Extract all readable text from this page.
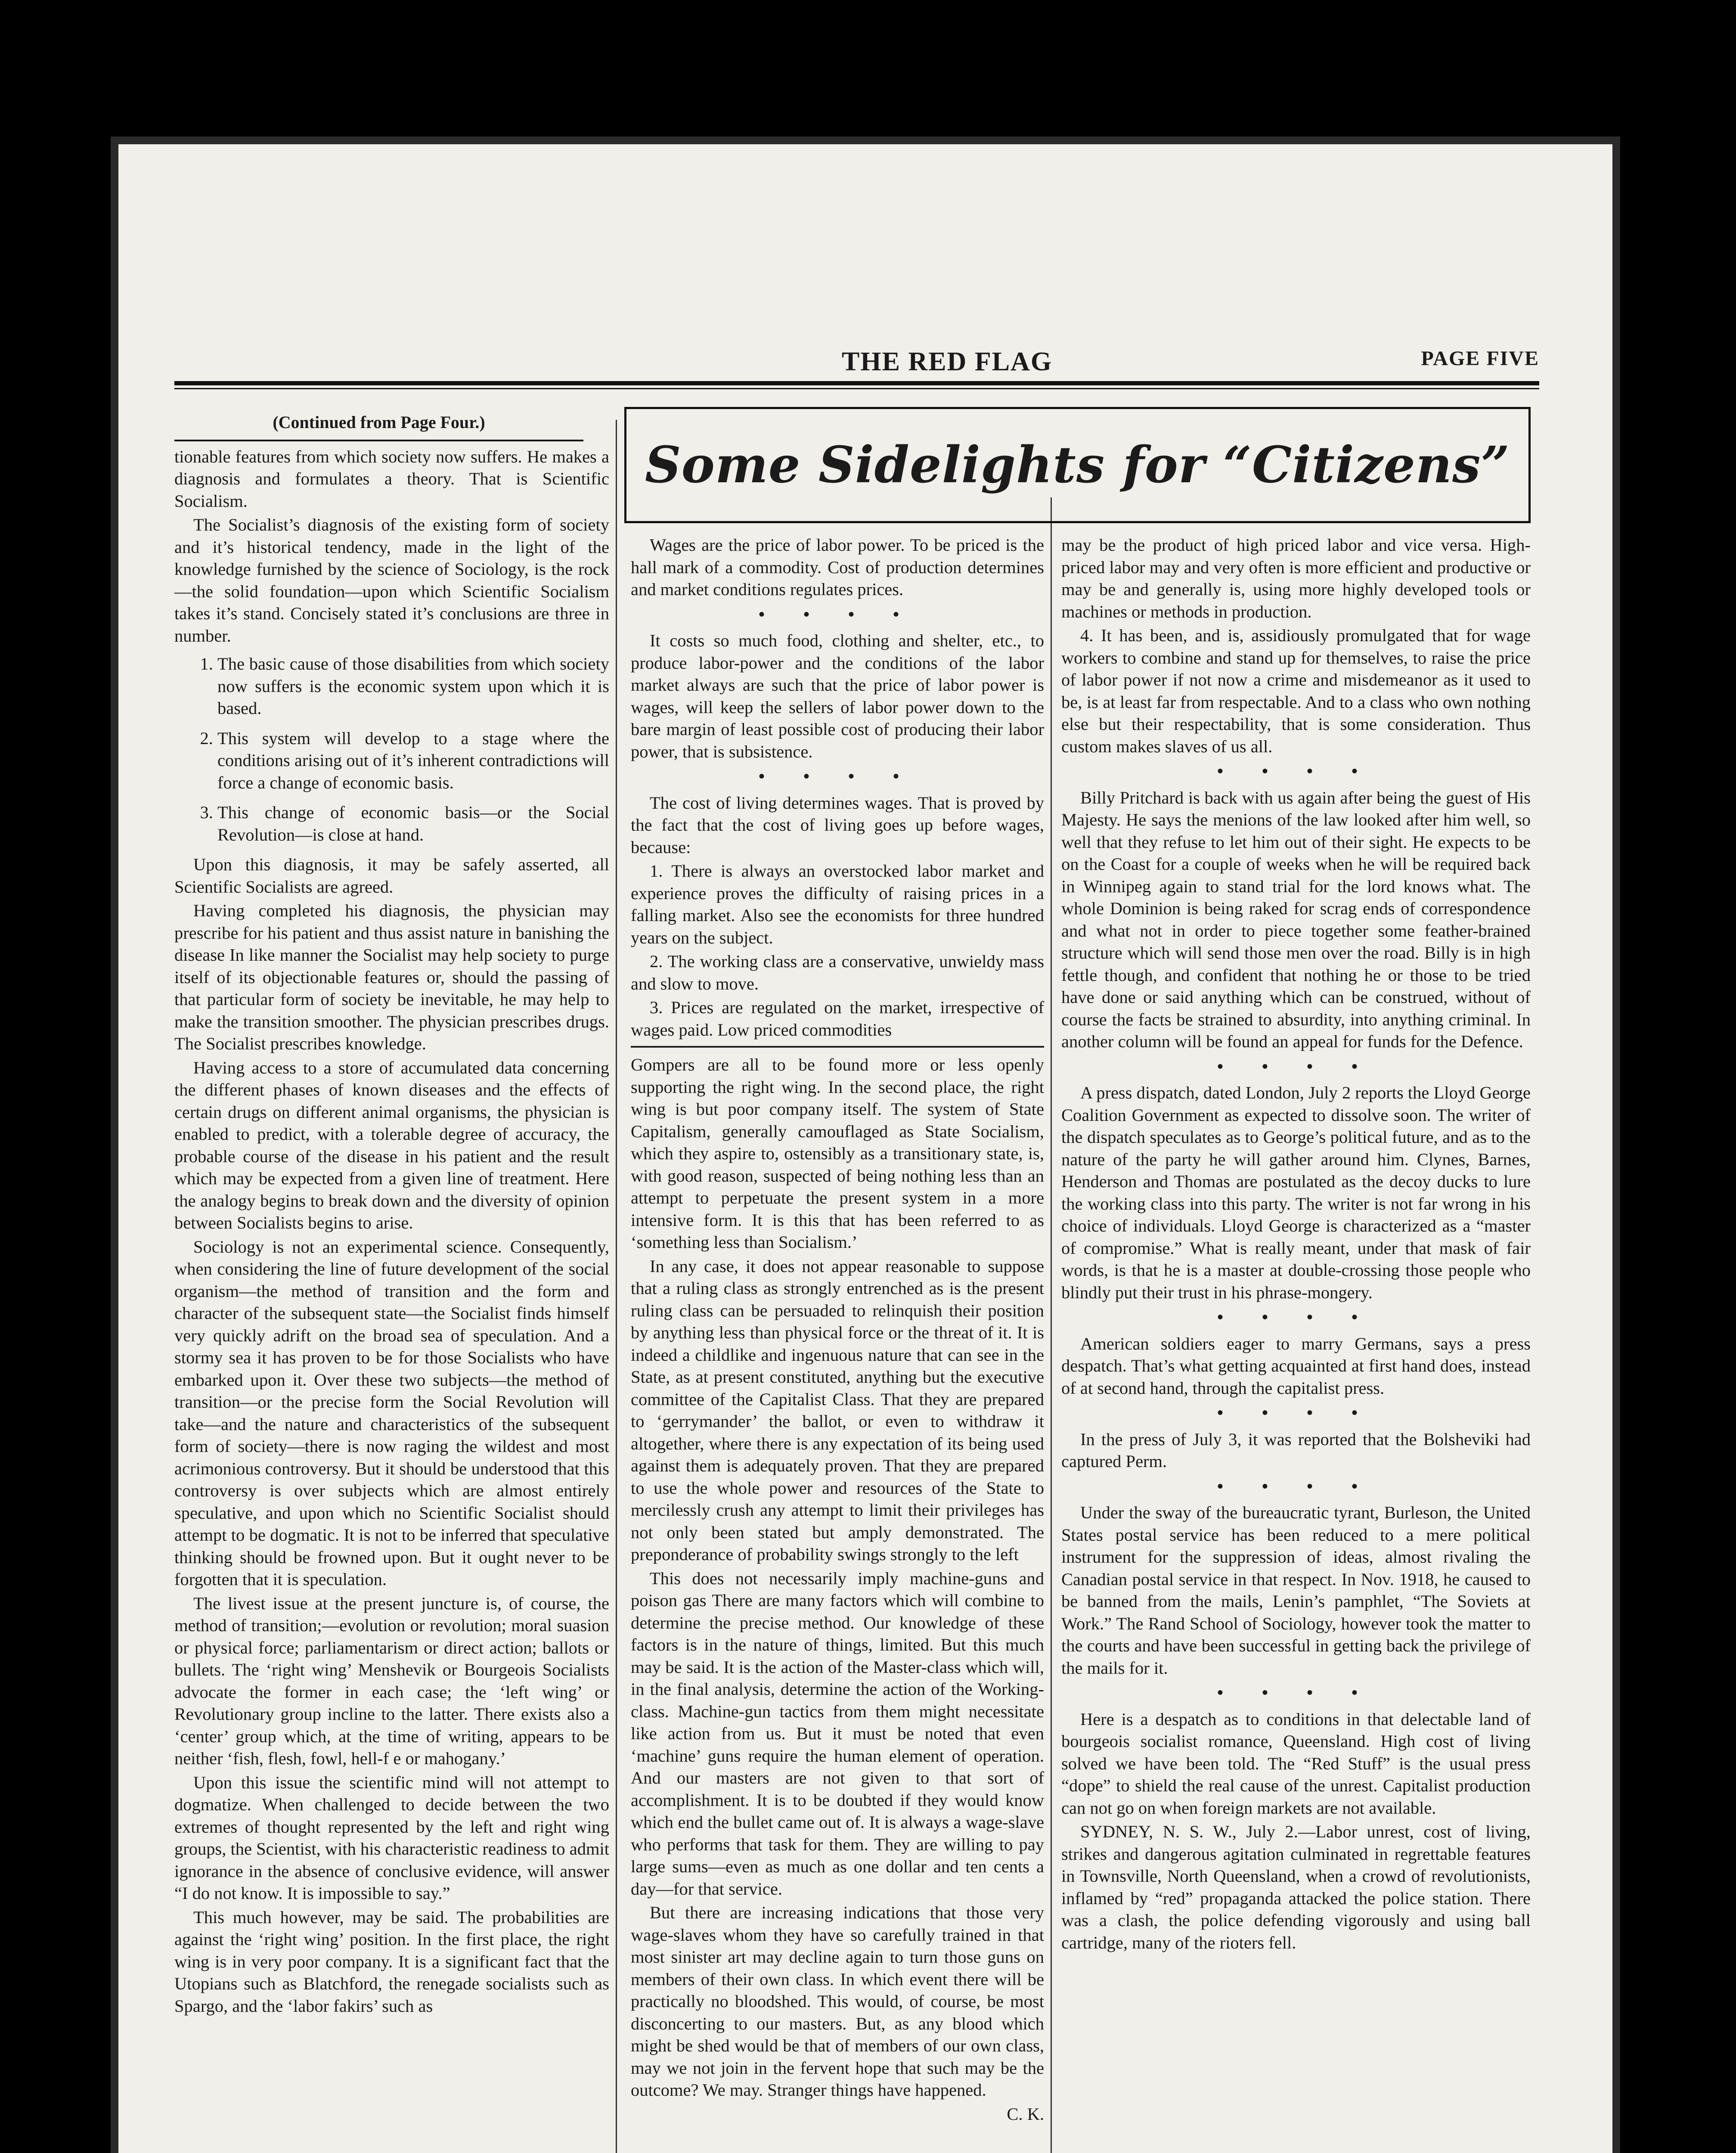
THE RED FLAG	PAGE FIVE
(Continued from Page Four.)

tionable features from which society now suffers. He makes a diagnosis and formulates a theory. That is Scientific Socialism.

The Socialist’s diagnosis of the existing form of society and it’s historical tendency, made in the light of the knowledge furnished by the science of Sociology, is the rock—the solid foundation—upon which Scientific Socialism takes it’s stand. Concisely stated it’s conclusions are three in number.

1. The basic cause of those disabilities from which society now suffers is the economic system upon which it is based.
2. This system will develop to a stage where the conditions arising out of it’s inherent contradictions will force a change of economic basis.
3. This change of economic basis—or the Social Revolution—is close at hand.

Upon this diagnosis, it may be safely asserted, all Scientific Socialists are agreed.

Having completed his diagnosis, the physician may prescribe for his patient and thus assist nature in banishing the disease In like manner the Socialist may help society to purge itself of its objectionable features or, should the passing of that particular form of society be inevitable, he may help to make the transition smoother. The physician prescribes drugs. The Socialist prescribes knowledge.

Having access to a store of accumulated data concerning the different phases of known diseases and the effects of certain drugs on different animal organisms, the physician is enabled to predict, with a tolerable degree of accuracy, the probable course of the disease in his patient and the result which may be expected from a given line of treatment. Here the analogy begins to break down and the diversity of opinion between Socialists begins to arise.

Sociology is not an experimental science. Consequently, when considering the line of future development of the social organism—the method of transition and the form and character of the subsequent state—the Socialist finds himself very quickly adrift on the broad sea of speculation. And a stormy sea it has proven to be for those Socialists who have embarked upon it. Over these two subjects—the method of transition—or the precise form the Social Revolution will take—and the nature and characteristics of the subsequent form of society—there is now raging the wildest and most acrimonious controversy. But it should be understood that this controversy is over subjects which are almost entirely speculative, and upon which no Scientific Socialist should attempt to be dogmatic. It is not to be inferred that speculative thinking should be frowned upon. But it ought never to be forgotten that it is speculation.

The livest issue at the present juncture is, of course, the method of transition;—evolution or revolution; moral suasion or physical force; parliamentarism or direct action; ballots or bullets. The ‘right wing’ Menshevik or Bourgeois Socialists advocate the former in each case; the ‘left wing’ or Revolutionary group incline to the latter. There exists also a ‘center’ group which, at the time of writing, appears to be neither ‘fish, flesh, fowl, hell-f e or mahogany.’

Upon this issue the scientific mind will not attempt to dogmatize. When challenged to decide between the two extremes of thought represented by the left and right wing groups, the Scientist, with his characteristic readiness to admit ignorance in the absence of conclusive evidence, will answer “I do not know. It is impossible to say.”

This much however, may be said. The probabilities are against the ‘right wing’ position. In the first place, the right wing is in very poor company. It is a significant fact that the Utopians such as Blatchford, the renegade socialists such as Spargo, and the ‘labor fakirs’ such as

Some Sidelights for “Citizens”

Wages are the price of labor power. To be priced is the hall mark of a commodity. Cost of production determines and market conditions regulates prices.

• • • •

It costs so much food, clothing and shelter, etc., to produce labor-power and the conditions of the labor market always are such that the price of labor power is wages, will keep the sellers of labor power down to the bare margin of least possible cost of producing their labor power, that is subsistence.

• • • •

The cost of living determines wages. That is proved by the fact that the cost of living goes up before wages, because:

1. There is always an overstocked labor market and experience proves the difficulty of raising prices in a falling market. Also see the economists for three hundred years on the subject.

2. The working class are a conservative, unwieldy mass and slow to move.

3. Prices are regulated on the market, irrespective of wages paid. Low priced commodities

Gompers are all to be found more or less openly supporting the right wing. In the second place, the right wing is but poor company itself. The system of State Capitalism, generally camouflaged as State Socialism, which they aspire to, ostensibly as a transitionary state, is, with good reason, suspected of being nothing less than an attempt to perpetuate the present system in a more intensive form. It is this that has been referred to as ‘something less than Socialism.’

In any case, it does not appear reasonable to suppose that a ruling class as strongly entrenched as is the present ruling class can be persuaded to relinquish their position by anything less than physical force or the threat of it. It is indeed a childlike and ingenuous nature that can see in the State, as at present constituted, anything but the executive committee of the Capitalist Class. That they are prepared to ‘gerrymander’ the ballot, or even to withdraw it altogether, where there is any expectation of its being used against them is adequately proven. That they are prepared to use the whole power and resources of the State to mercilessly crush any attempt to limit their privileges has not only been stated but amply demonstrated. The preponderance of probability swings strongly to the left

This does not necessarily imply machine-guns and poison gas There are many factors which will combine to determine the precise method. Our knowledge of these factors is in the nature of things, limited. But this much may be said. It is the action of the Master-class which will, in the final analysis, determine the action of the Working-class. Machine-gun tactics from them might necessitate like action from us. But it must be noted that even ‘machine’ guns require the human element of operation. And our masters are not given to that sort of accomplishment. It is to be doubted if they would know which end the bullet came out of. It is always a wage-slave who performs that task for them. They are willing to pay large sums—even as much as one dollar and ten cents a day—for that service.

But there are increasing indications that those very wage-slaves whom they have so carefully trained in that most sinister art may decline again to turn those guns on members of their own class. In which event there will be practically no bloodshed. This would, of course, be most disconcerting to our masters. But, as any blood which might be shed would be that of members of our own class, may we not join in the fervent hope that such may be the outcome? We may. Stranger things have happened.

C. K.

may be the product of high priced labor and vice versa. High-priced labor may and very often is more efficient and productive or may be and generally is, using more highly developed tools or machines or methods in production.

4. It has been, and is, assidiously promulgated that for wage workers to combine and stand up for themselves, to raise the price of labor power if not now a crime and misdemeanor as it used to be, is at least far from respectable. And to a class who own nothing else but their respectability, that is some consideration. Thus custom makes slaves of us all.

• • • •

Billy Pritchard is back with us again after being the guest of His Majesty. He says the menions of the law looked after him well, so well that they refuse to let him out of their sight. He expects to be on the Coast for a couple of weeks when he will be required back in Winnipeg again to stand trial for the lord knows what. The whole Dominion is being raked for scrag ends of correspondence and what not in order to piece together some feather-brained structure which will send those men over the road. Billy is in high fettle though, and confident that nothing he or those to be tried have done or said anything which can be construed, without of course the facts be strained to absurdity, into anything criminal. In another column will be found an appeal for funds for the Defence.

• • • •

A press dispatch, dated London, July 2 reports the Lloyd George Coalition Government as expected to dissolve soon. The writer of the dispatch speculates as to George’s political future, and as to the nature of the party he will gather around him. Clynes, Barnes, Henderson and Thomas are postulated as the decoy ducks to lure the working class into this party. The writer is not far wrong in his choice of individuals. Lloyd George is characterized as a “master of compromise.” What is really meant, under that mask of fair words, is that he is a master at double-crossing those people who blindly put their trust in his phrase-mongery.

• • • •

American soldiers eager to marry Germans, says a press despatch. That’s what getting acquainted at first hand does, instead of at second hand, through the capitalist press.

• • • •

In the press of July 3, it was reported that the Bolsheviki had captured Perm.

• • • •

Under the sway of the bureaucratic tyrant, Burleson, the United States postal service has been reduced to a mere political instrument for the suppression of ideas, almost rivaling the Canadian postal service in that respect. In Nov. 1918, he caused to be banned from the mails, Lenin’s pamphlet, “The Soviets at Work.” The Rand School of Sociology, however took the matter to the courts and have been successful in getting back the privilege of the mails for it.

• • • •

Here is a despatch as to conditions in that delectable land of bourgeois socialist romance, Queensland. High cost of living solved we have been told. The “Red Stuff” is the usual press “dope” to shield the real cause of the unrest. Capitalist production can not go on when foreign markets are not available.

SYDNEY, N. S. W., July 2.—Labor unrest, cost of living, strikes and dangerous agitation culminated in regrettable features in Townsville, North Queensland, when a crowd of revolutionists, inflamed by “red” propaganda attacked the police station. There was a clash, the police defending vigorously and using ball cartridge, many of the rioters fell.
